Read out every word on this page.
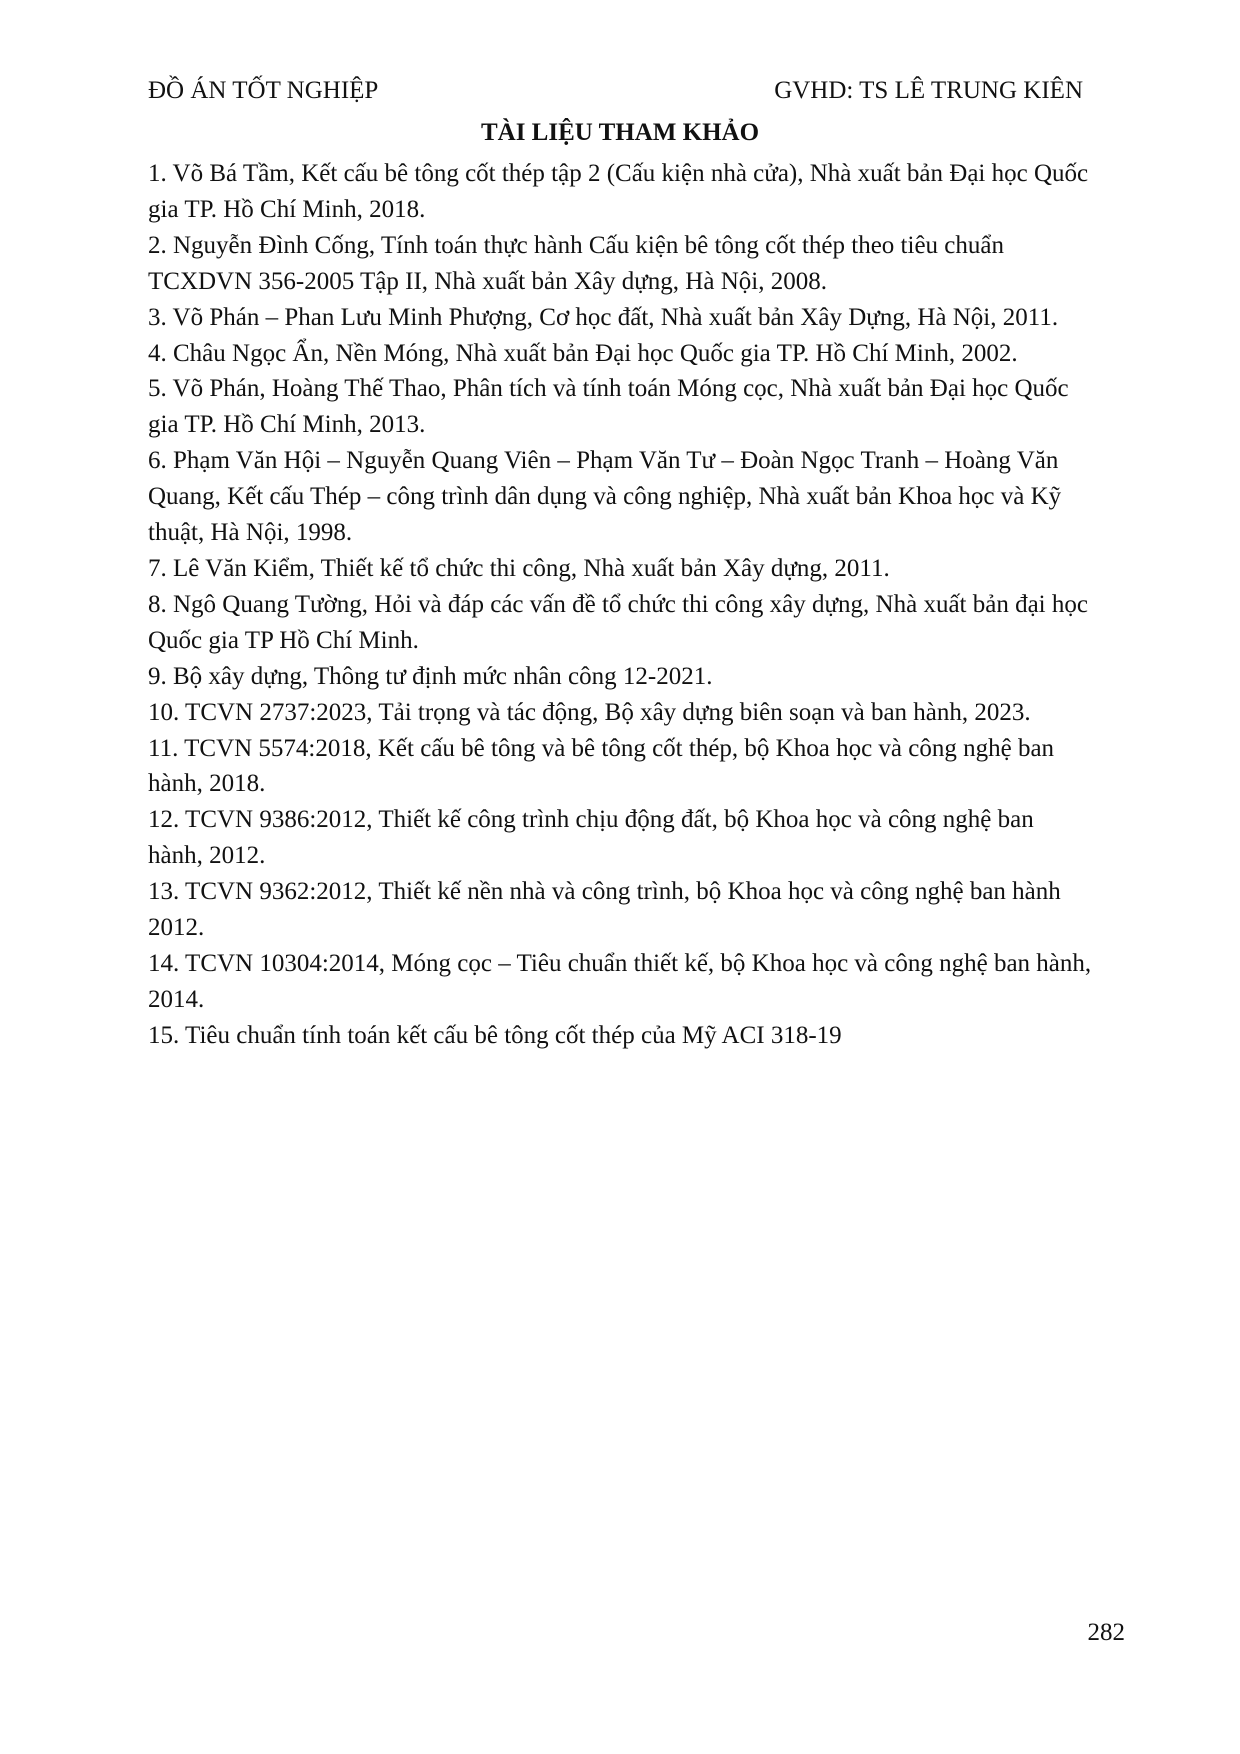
ĐỒ ÁN TỐT NGHIỆP	GVHD: TS LÊ TRUNG KIÊN
TÀI LIỆU THAM KHẢO
1. Võ Bá Tầm, Kết cấu bê tông cốt thép tập 2 (Cấu kiện nhà cửa), Nhà xuất bản Đại học Quốc gia TP. Hồ Chí Minh, 2018.
2. Nguyễn Đình Cống, Tính toán thực hành Cấu kiện bê tông cốt thép theo tiêu chuẩn TCXDVN 356-2005 Tập II, Nhà xuất bản Xây dựng, Hà Nội, 2008.
3. Võ Phán – Phan Lưu Minh Phượng, Cơ học đất, Nhà xuất bản Xây Dựng, Hà Nội, 2011.
4. Châu Ngọc Ẩn, Nền Móng, Nhà xuất bản Đại học Quốc gia TP. Hồ Chí Minh, 2002.
5. Võ Phán, Hoàng Thế Thao, Phân tích và tính toán Móng cọc, Nhà xuất bản Đại học Quốc gia TP. Hồ Chí Minh, 2013.
6. Phạm Văn Hội – Nguyễn Quang Viên – Phạm Văn Tư – Đoàn Ngọc Tranh – Hoàng Văn Quang, Kết cấu Thép – công trình dân dụng và công nghiệp, Nhà xuất bản Khoa học và Kỹ thuật, Hà Nội, 1998.
7. Lê Văn Kiểm, Thiết kế tổ chức thi công, Nhà xuất bản Xây dựng, 2011.
8. Ngô Quang Tường, Hỏi và đáp các vấn đề tổ chức thi công xây dựng, Nhà xuất bản đại học Quốc gia TP Hồ Chí Minh.
9. Bộ xây dựng, Thông tư định mức nhân công 12-2021.
10. TCVN 2737:2023, Tải trọng và tác động, Bộ xây dựng biên soạn và ban hành, 2023.
11. TCVN 5574:2018, Kết cấu bê tông và bê tông cốt thép, bộ Khoa học và công nghệ ban hành, 2018.
12. TCVN 9386:2012, Thiết kế công trình chịu động đất, bộ Khoa học và công nghệ ban hành, 2012.
13. TCVN 9362:2012, Thiết kế nền nhà và công trình, bộ Khoa học và công nghệ ban hành 2012.
14. TCVN 10304:2014, Móng cọc – Tiêu chuẩn thiết kế, bộ Khoa học và công nghệ ban hành, 2014.
15. Tiêu chuẩn tính toán kết cấu bê tông cốt thép của Mỹ ACI 318-19
282
